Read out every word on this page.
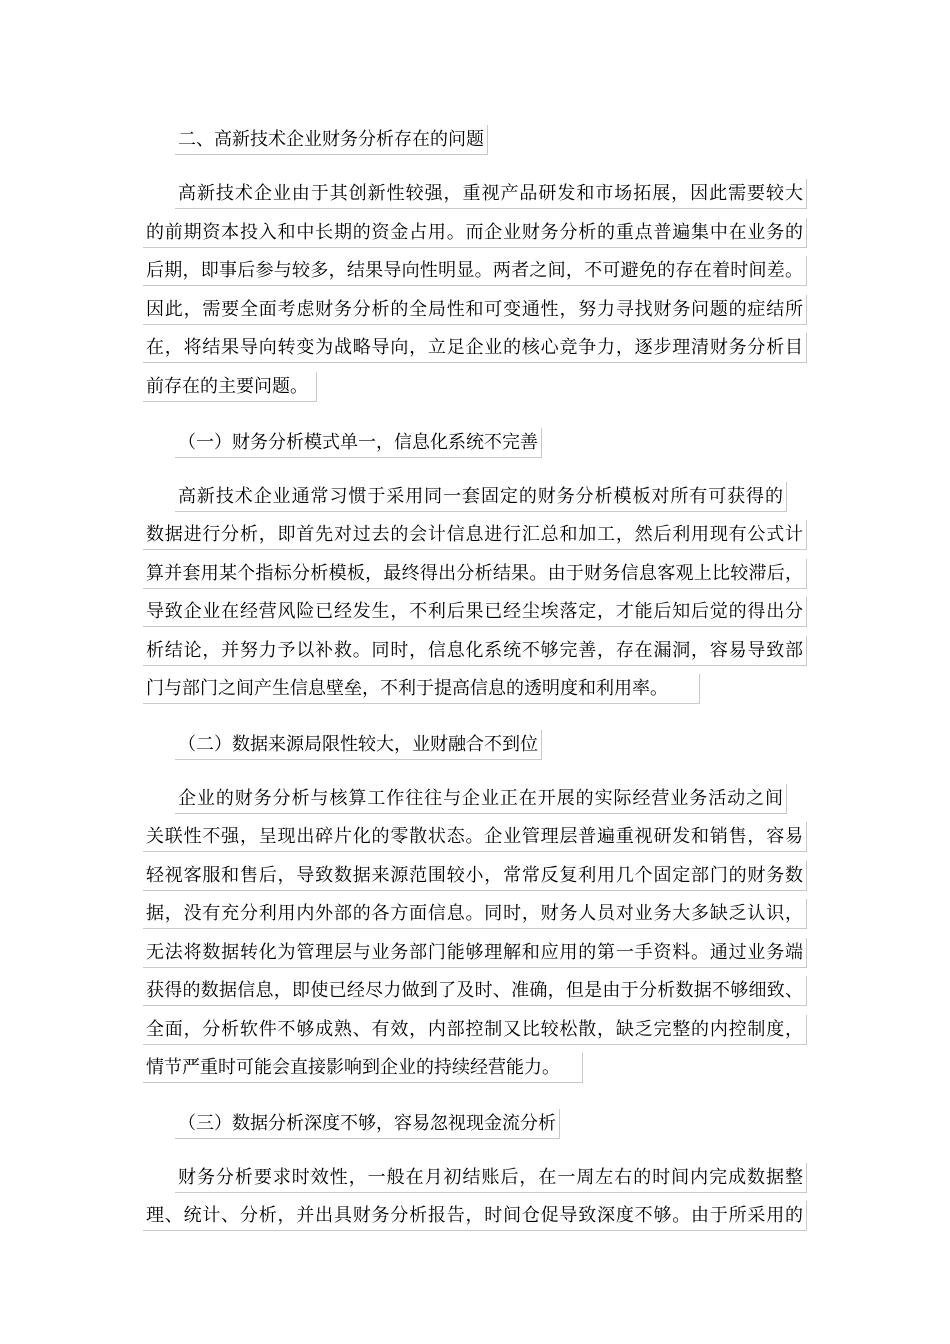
二、高新技术企业财务分析存在的问题
高新技术企业由于其创新性较强，重视产品研发和市场拓展，因此需要较大
的前期资本投入和中长期的资金占用。而企业财务分析的重点普遍集中在业务的
后期，即事后参与较多，结果导向性明显。两者之间，不可避免的存在着时间差。
因此，需要全面考虑财务分析的全局性和可变通性，努力寻找财务问题的症结所
在，将结果导向转变为战略导向，立足企业的核心竞争力，逐步理清财务分析目
前存在的主要问题。
（一）财务分析模式单一，信息化系统不完善
高新技术企业通常习惯于采用同一套固定的财务分析模板对所有可获得的
数据进行分析，即首先对过去的会计信息进行汇总和加工，然后利用现有公式计
算并套用某个指标分析模板，最终得出分析结果。由于财务信息客观上比较滞后，
导致企业在经营风险已经发生，不利后果已经尘埃落定，才能后知后觉的得出分
析结论，并努力予以补救。同时，信息化系统不够完善，存在漏洞，容易导致部
门与部门之间产生信息壁垒，不利于提高信息的透明度和利用率。
（二）数据来源局限性较大，业财融合不到位
企业的财务分析与核算工作往往与企业正在开展的实际经营业务活动之间
关联性不强，呈现出碎片化的零散状态。企业管理层普遍重视研发和销售，容易
轻视客服和售后，导致数据来源范围较小，常常反复利用几个固定部门的财务数
据，没有充分利用内外部的各方面信息。同时，财务人员对业务大多缺乏认识，
无法将数据转化为管理层与业务部门能够理解和应用的第一手资料。通过业务端
获得的数据信息，即使已经尽力做到了及时、准确，但是由于分析数据不够细致、
全面，分析软件不够成熟、有效，内部控制又比较松散，缺乏完整的内控制度，
情节严重时可能会直接影响到企业的持续经营能力。
（三）数据分析深度不够，容易忽视现金流分析
财务分析要求时效性，一般在月初结账后，在一周左右的时间内完成数据整
理、统计、分析，并出具财务分析报告，时间仓促导致深度不够。由于所采用的
